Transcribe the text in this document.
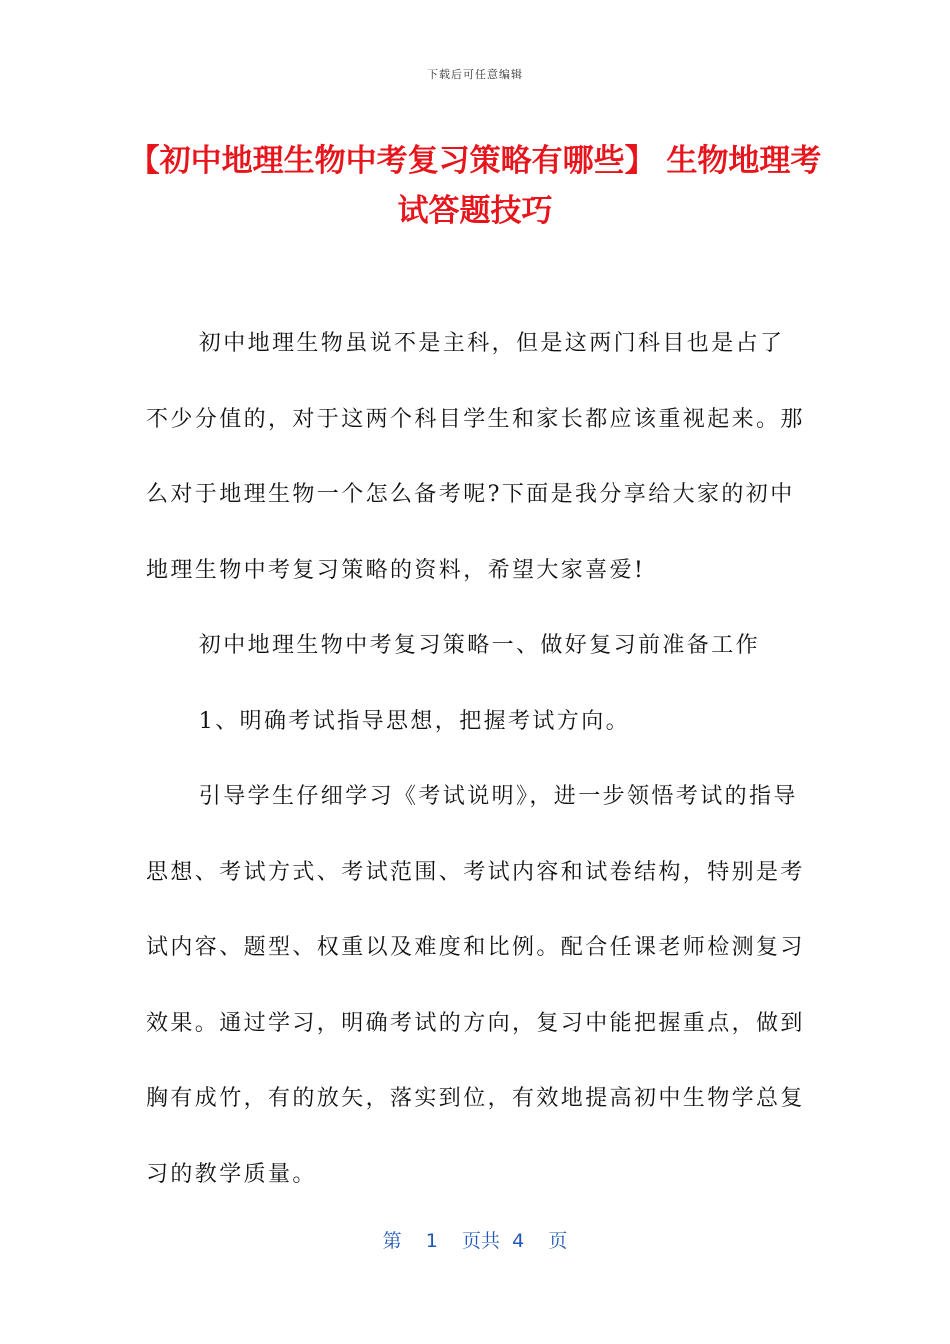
下载后可任意编辑
【初中地理生物中考复习策略有哪些】 生物地理考试答题技巧

初中地理生物虽说不是主科，但是这两门科目也是占了不少分值的，对于这两个科目学生和家长都应该重视起来。那么对于地理生物一个怎么备考呢?下面是我分享给大家的初中地理生物中考复习策略的资料，希望大家喜爱!

初中地理生物中考复习策略一、做好复习前准备工作

1、明确考试指导思想，把握考试方向。

引导学生仔细学习《考试说明》，进一步领悟考试的指导思想、考试方式、考试范围、考试内容和试卷结构，特别是考试内容、题型、权重以及难度和比例。配合任课老师检测复习效果。通过学习，明确考试的方向，复习中能把握重点，做到胸有成竹，有的放矢，落实到位，有效地提高初中生物学总复习的教学质量。

第 1 页共 4 页
